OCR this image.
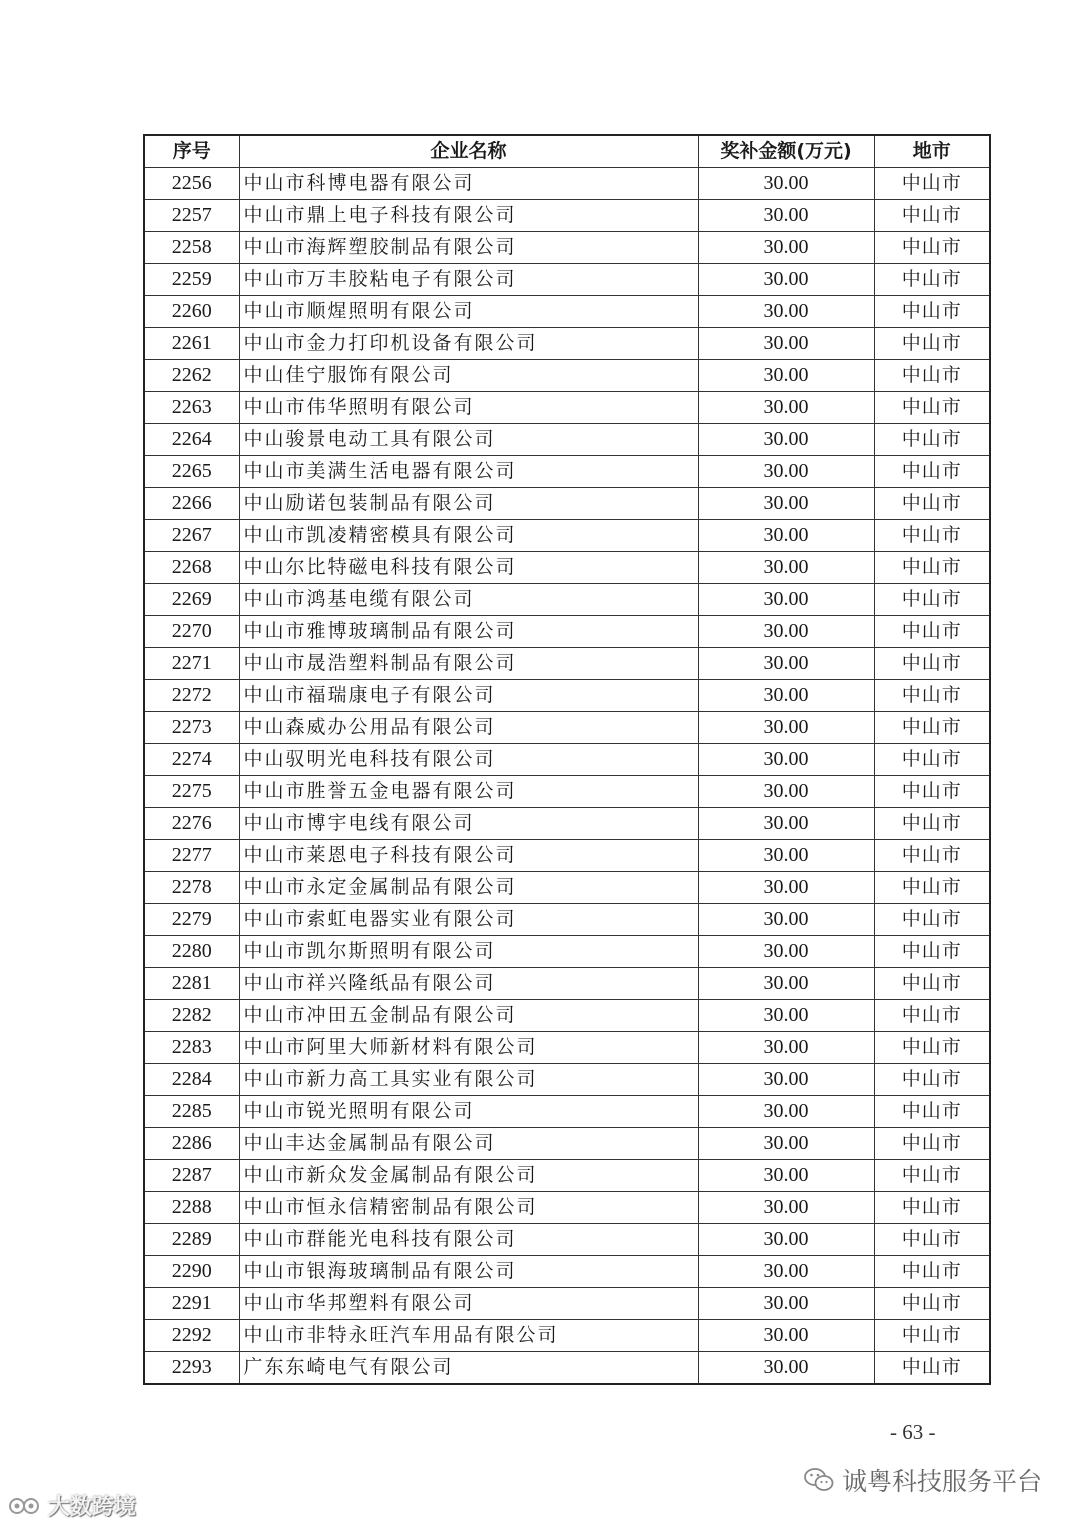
序号	企业名称	奖补金额(万元)	地市
2256	中山市科博电器有限公司	30.00	中山市
2257	中山市鼎上电子科技有限公司	30.00	中山市
2258	中山市海辉塑胶制品有限公司	30.00	中山市
2259	中山市万丰胶粘电子有限公司	30.00	中山市
2260	中山市顺煋照明有限公司	30.00	中山市
2261	中山市金力打印机设备有限公司	30.00	中山市
2262	中山佳宁服饰有限公司	30.00	中山市
2263	中山市伟华照明有限公司	30.00	中山市
2264	中山骏景电动工具有限公司	30.00	中山市
2265	中山市美满生活电器有限公司	30.00	中山市
2266	中山励诺包装制品有限公司	30.00	中山市
2267	中山市凯凌精密模具有限公司	30.00	中山市
2268	中山尔比特磁电科技有限公司	30.00	中山市
2269	中山市鸿基电缆有限公司	30.00	中山市
2270	中山市雅博玻璃制品有限公司	30.00	中山市
2271	中山市晟浩塑料制品有限公司	30.00	中山市
2272	中山市福瑞康电子有限公司	30.00	中山市
2273	中山森威办公用品有限公司	30.00	中山市
2274	中山驭明光电科技有限公司	30.00	中山市
2275	中山市胜誉五金电器有限公司	30.00	中山市
2276	中山市博宇电线有限公司	30.00	中山市
2277	中山市莱恩电子科技有限公司	30.00	中山市
2278	中山市永定金属制品有限公司	30.00	中山市
2279	中山市索虹电器实业有限公司	30.00	中山市
2280	中山市凯尔斯照明有限公司	30.00	中山市
2281	中山市祥兴隆纸品有限公司	30.00	中山市
2282	中山市冲田五金制品有限公司	30.00	中山市
2283	中山市阿里大师新材料有限公司	30.00	中山市
2284	中山市新力高工具实业有限公司	30.00	中山市
2285	中山市锐光照明有限公司	30.00	中山市
2286	中山丰达金属制品有限公司	30.00	中山市
2287	中山市新众发金属制品有限公司	30.00	中山市
2288	中山市恒永信精密制品有限公司	30.00	中山市
2289	中山市群能光电科技有限公司	30.00	中山市
2290	中山市银海玻璃制品有限公司	30.00	中山市
2291	中山市华邦塑料有限公司	30.00	中山市
2292	中山市非特永旺汽车用品有限公司	30.00	中山市
2293	广东东崎电气有限公司	30.00	中山市
- 63 -
诚粤科技服务平台
大数跨境
